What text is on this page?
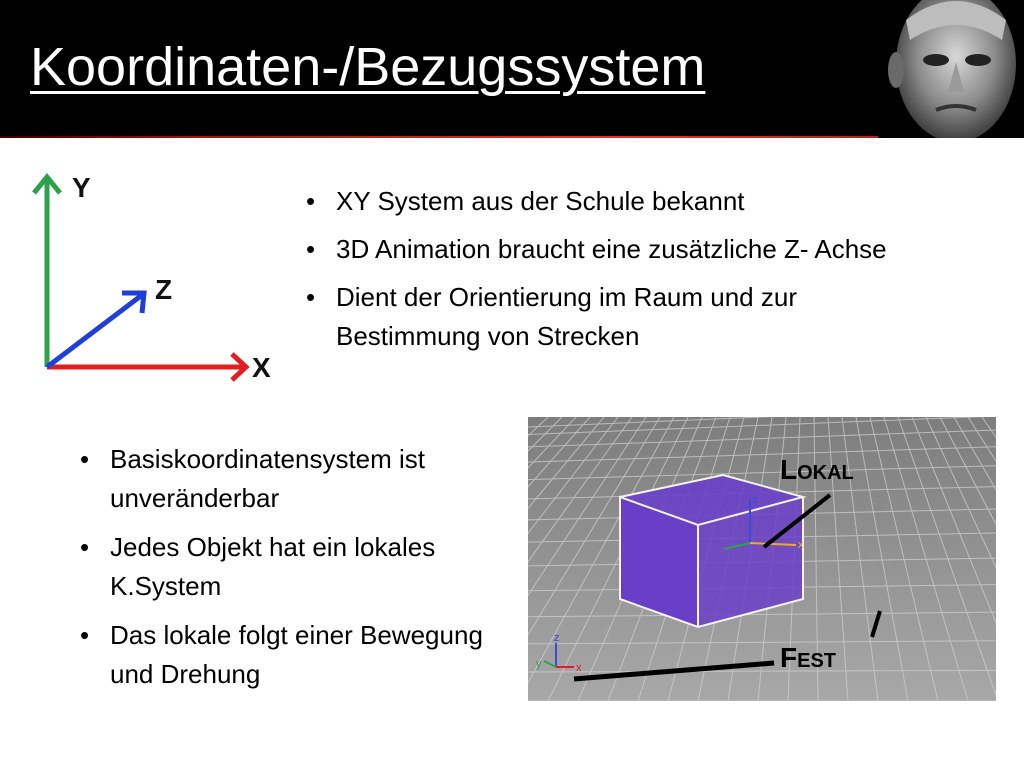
Koordinaten-/Bezugssystem
Y
Z
X
• XY System aus der Schule bekannt
• 3D Animation braucht eine zusätzliche Z- Achse
• Dient der Orientierung im Raum und zur Bestimmung von Strecken
• Basiskoordinatensystem ist unveränderbar
• Jedes Objekt hat ein lokales K.System
• Das lokale folgt einer Bewegung und Drehung
z
x
z
x
y
Lokal
Fest
